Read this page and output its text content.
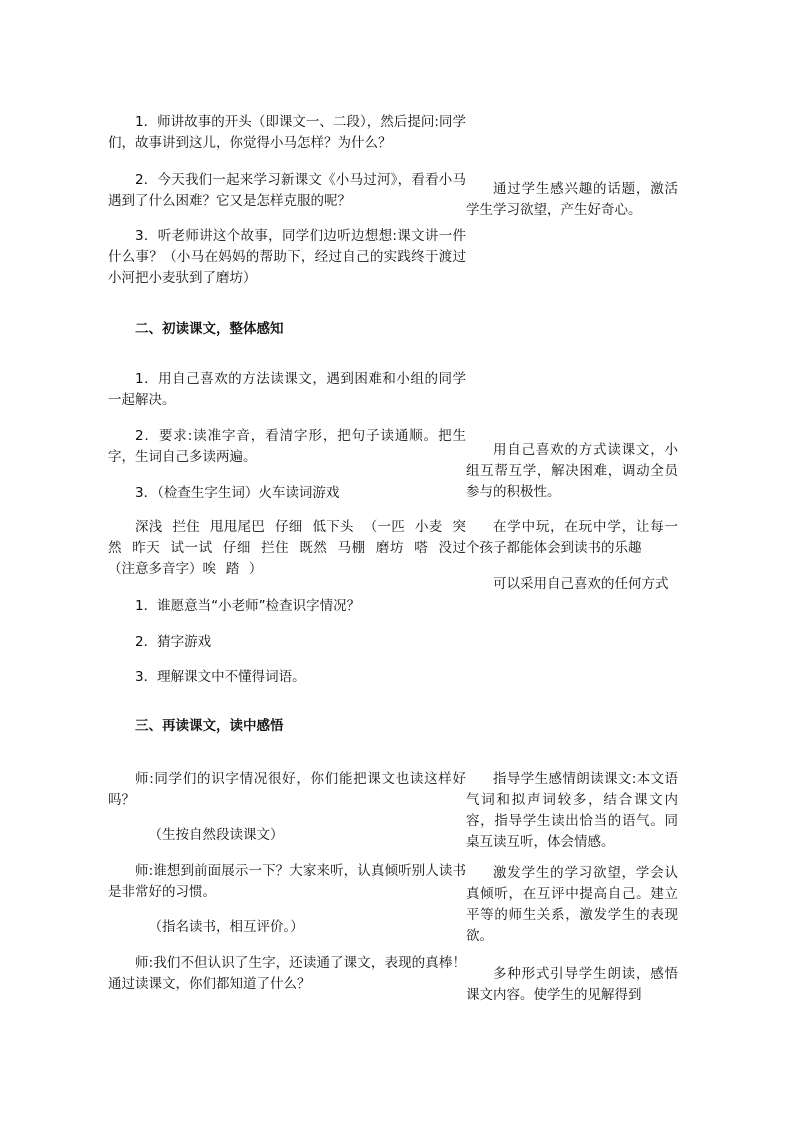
1．师讲故事的开头（即课文一、二段），然后提问:同学们，故事讲到这儿，你觉得小马怎样？为什么？

2．今天我们一起来学习新课文《小马过河》，看看小马遇到了什么困难？它又是怎样克服的呢？

3．听老师讲这个故事，同学们边听边想想:课文讲一件什么事？（小马在妈妈的帮助下，经过自己的实践终于渡过小河把小麦驮到了磨坊）

二、初读课文，整体感知

1．用自己喜欢的方法读课文，遇到困难和小组的同学一起解决。

2．要求:读准字音，看清字形，把句子读通顺。把生字，生词自己多读两遍。

3．（检查生字生词）火车读词游戏

深浅 拦住 甩甩尾巴 仔细 低下头 （一匹 小麦 突然 昨天 试一试 仔细 拦住 既然 马棚 磨坊 嗒 没过（注意多音字）唉 踏 ）

1．谁愿意当“小老师”检查识字情况？

2．猜字游戏

3．理解课文中不懂得词语。

三、再读课文，读中感悟

师:同学们的识字情况很好，你们能把课文也读这样好吗？

（生按自然段读课文）

师:谁想到前面展示一下？大家来听，认真倾听别人读书是非常好的习惯。

（指名读书，相互评价。）

师:我们不但认识了生字，还读通了课文，表现的真棒！通过读课文，你们都知道了什么？

通过学生感兴趣的话题，激活学生学习欲望，产生好奇心。

用自己喜欢的方式读课文，小组互帮互学，解决困难，调动全员参与的积极性。

在学中玩，在玩中学，让每一个孩子都能体会到读书的乐趣

可以采用自己喜欢的任何方式

指导学生感情朗读课文:本文语气词和拟声词较多，结合课文内容，指导学生读出恰当的语气。同桌互读互听，体会情感。

激发学生的学习欲望，学会认真倾听，在互评中提高自己。建立平等的师生关系，激发学生的表现欲。

多种形式引导学生朗读，感悟课文内容。使学生的见解得到
